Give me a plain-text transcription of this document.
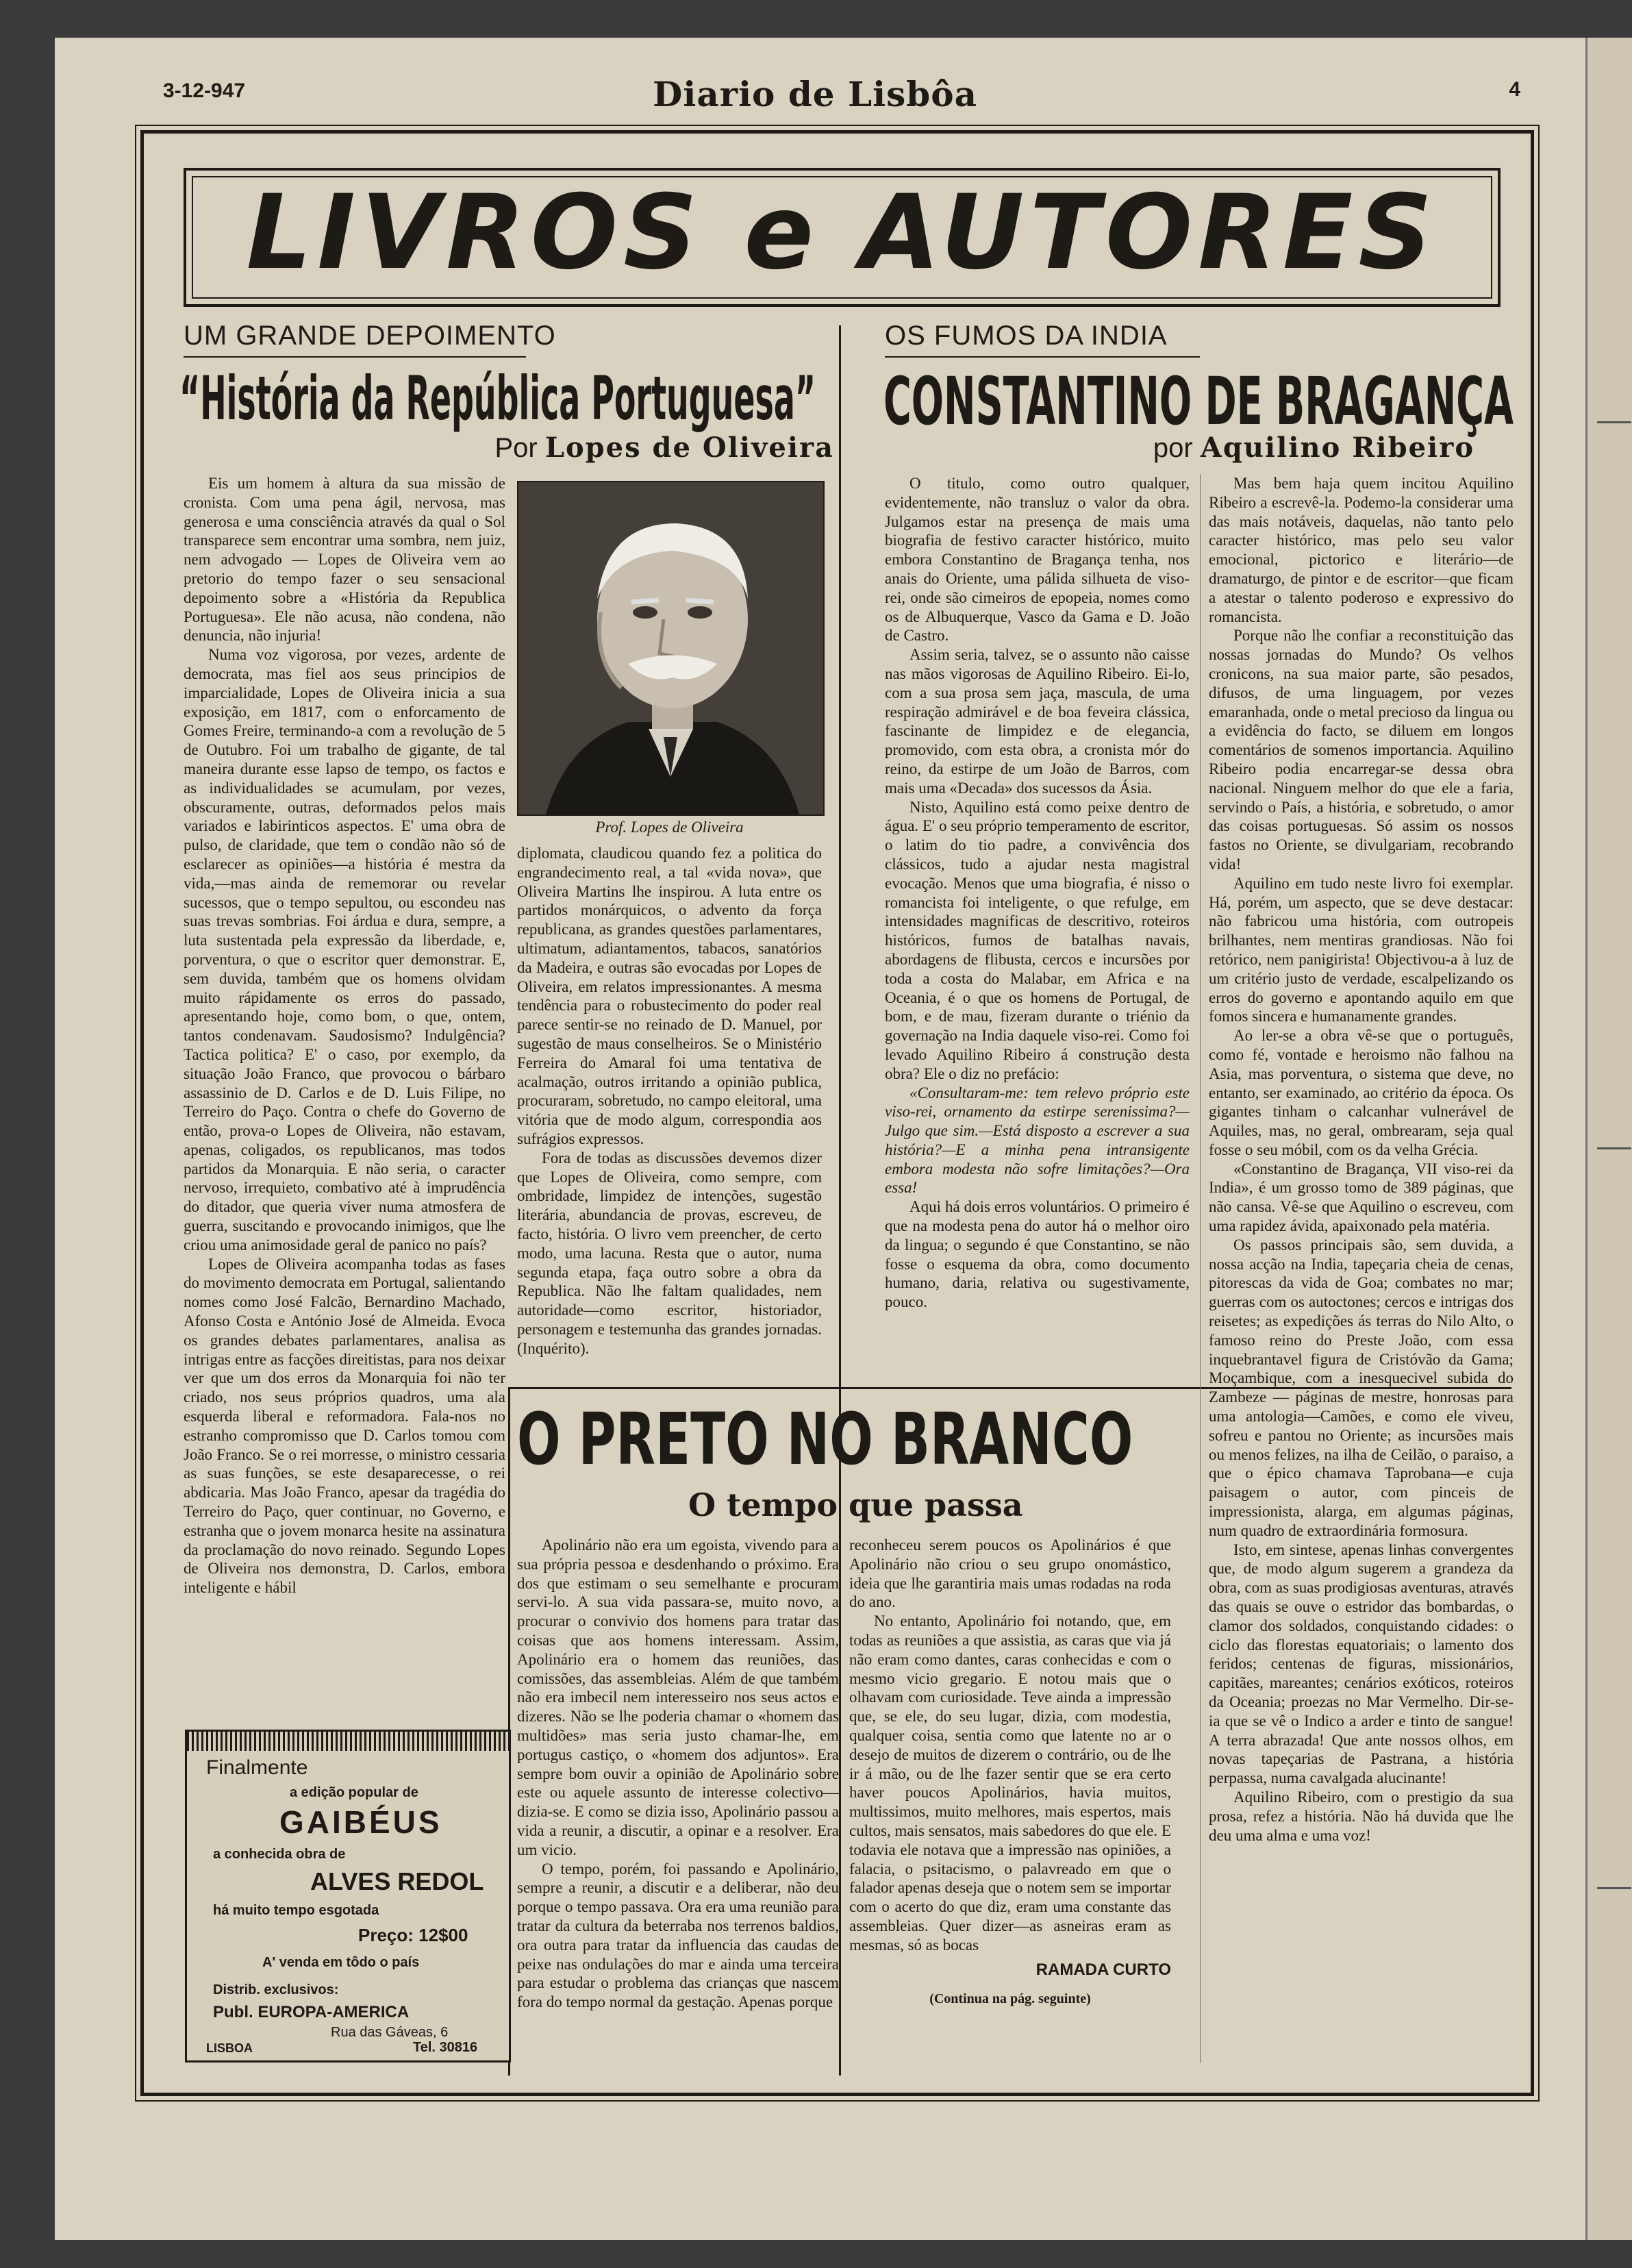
3-12-947	Diario de Lisbôa	4
LIVROS e AUTORES
UM GRANDE DEPOIMENTO
“História da República Portuguesa”
Por Lopes de Oliveira

Eis um homem à altura da sua missão de cronista. Com uma pena ágil, nervosa, mas generosa e uma consciência através da qual o Sol transparece sem encontrar uma sombra, nem juiz, nem advogado — Lopes de Oliveira vem ao pretorio do tempo fazer o seu sensacional depoimento sobre a «História da Republica Portuguesa». Ele não acusa, não condena, não denuncia, não injuria!

Numa voz vigorosa, por vezes, ardente de democrata, mas fiel aos seus principios de imparcialidade, Lopes de Oliveira inicia a sua exposição, em 1817, com o enforcamento de Gomes Freire, terminando-a com a revolução de 5 de Outubro. Foi um trabalho de gigante, de tal maneira durante esse lapso de tempo, os factos e as individualidades se acumulam, por vezes, obscuramente, outras, deformados pelos mais variados e labirinticos aspectos. E' uma obra de pulso, de claridade, que tem o condão não só de esclarecer as opiniões—a história é mestra da vida,—mas ainda de rememorar ou revelar sucessos, que o tempo sepultou, ou escondeu nas suas trevas sombrias. Foi árdua e dura, sempre, a luta sustentada pela expressão da liberdade, e, porventura, o que o escritor quer demonstrar. E, sem duvida, também que os homens olvidam muito rápidamente os erros do passado, apresentando hoje, como bom, o que, ontem, tantos condenavam. Saudosismo? Indulgência? Tactica politica? E' o caso, por exemplo, da situação João Franco, que provocou o bárbaro assassinio de D. Carlos e de D. Luis Filipe, no Terreiro do Paço. Contra o chefe do Governo de então, prova-o Lopes de Oliveira, não estavam, apenas, coligados, os republicanos, mas todos partidos da Monarquia. E não seria, o caracter nervoso, irrequieto, combativo até à imprudência do ditador, que queria viver numa atmosfera de guerra, suscitando e provocando inimigos, que lhe criou uma animosidade geral de panico no país?

Lopes de Oliveira acompanha todas as fases do movimento democrata em Portugal, salientando nomes como José Falcão, Bernardino Machado, Afonso Costa e António José de Almeida. Evoca os grandes debates parlamentares, analisa as intrigas entre as facções direitistas, para nos deixar ver que um dos erros da Monarquia foi não ter criado, nos seus próprios quadros, uma ala esquerda liberal e reformadora. Fala-nos no estranho compromisso que D. Carlos tomou com João Franco. Se o rei morresse, o ministro cessaria as suas funções, se este desaparecesse, o rei abdicaria. Mas João Franco, apesar da tragédia do Terreiro do Paço, quer continuar, no Governo, e estranha que o jovem monarca hesite na assinatura da proclamação do novo reinado. Segundo Lopes de Oliveira nos demonstra, D. Carlos, embora inteligente e hábil

Prof. Lopes de Oliveira

diplomata, claudicou quando fez a politica do engrandecimento real, a tal «vida nova», que Oliveira Martins lhe inspirou. A luta entre os partidos monárquicos, o advento da força republicana, as grandes questões parlamentares, ultimatum, adiantamentos, tabacos, sanatórios da Madeira, e outras são evocadas por Lopes de Oliveira, em relatos impressionantes. A mesma tendência para o robustecimento do poder real parece sentir-se no reinado de D. Manuel, por sugestão de maus conselheiros. Se o Ministério Ferreira do Amaral foi uma tentativa de acalmação, outros irritando a opinião publica, procuraram, sobretudo, no campo eleitoral, uma vitória que de modo algum, correspondia aos sufrágios expressos.

Fora de todas as discussões devemos dizer que Lopes de Oliveira, como sempre, com ombridade, limpidez de intenções, sugestão literária, abundancia de provas, escreveu, de facto, história. O livro vem preencher, de certo modo, uma lacuna. Resta que o autor, numa segunda etapa, faça outro sobre a obra da Republica. Não lhe faltam qualidades, nem autoridade—como escritor, historiador, personagem e testemunha das grandes jornadas. (Inquérito).

Finalmente
a edição popular de
GAIBÉUS
a conhecida obra de
ALVES REDOL
há muito tempo esgotada
Preço: 12$00
A' venda em tôdo o país
Distrib. exclusivos:
Publ. EUROPA-AMERICA
Rua das Gáveas, 6
LISBOA	Tel. 30816
OS FUMOS DA INDIA
CONSTANTINO DE BRAGANÇA
por Aquilino Ribeiro

O titulo, como outro qualquer, evidentemente, não transluz o valor da obra. Julgamos estar na presença de mais uma biografia de festivo caracter histórico, muito embora Constantino de Bragança tenha, nos anais do Oriente, uma pálida silhueta de viso-rei, onde são cimeiros de epopeia, nomes como os de Albuquerque, Vasco da Gama e D. João de Castro.

Assim seria, talvez, se o assunto não caisse nas mãos vigorosas de Aquilino Ribeiro. Ei-lo, com a sua prosa sem jaça, mascula, de uma respiração admirável e de boa feveira clássica, fascinante de limpidez e de elegancia, promovido, com esta obra, a cronista mór do reino, da estirpe de um João de Barros, com mais uma «Decada» dos sucessos da Ásia.

Nisto, Aquilino está como peixe dentro de água. E' o seu próprio temperamento de escritor, o latim do tio padre, a convivência dos clássicos, tudo a ajudar nesta magistral evocação. Menos que uma biografia, é nisso o romancista foi inteligente, o que refulge, em intensidades magnificas de descritivo, roteiros históricos, fumos de batalhas navais, abordagens de flibusta, cercos e incursões por toda a costa do Malabar, em Africa e na Oceania, é o que os homens de Portugal, de bom, e de mau, fizeram durante o triénio da governação na India daquele viso-rei. Como foi levado Aquilino Ribeiro á construção desta obra? Ele o diz no prefácio:

«Consultaram-me: tem relevo próprio este viso-rei, ornamento da estirpe serenissima?—Julgo que sim.—Está disposto a escrever a sua história?—E a minha pena intransigente embora modesta não sofre limitações?—Ora essa!

Aqui há dois erros voluntários. O primeiro é que na modesta pena do autor há o melhor oiro da lingua; o segundo é que Constantino, se não fosse o esquema da obra, como documento humano, daria, relativa ou sugestivamente, pouco.

Mas bem haja quem incitou Aquilino Ribeiro a escrevê-la. Podemo-la considerar uma das mais notáveis, daquelas, não tanto pelo caracter histórico, mas pelo seu valor emocional, pictorico e literário—de dramaturgo, de pintor e de escritor—que ficam a atestar o talento poderoso e expressivo do romancista.

Porque não lhe confiar a reconstituição das nossas jornadas do Mundo? Os velhos cronicons, na sua maior parte, são pesados, difusos, de uma linguagem, por vezes emaranhada, onde o metal precioso da lingua ou a evidência do facto, se diluem em longos comentários de somenos importancia. Aquilino Ribeiro podia encarregar-se dessa obra nacional. Ninguem melhor do que ele a faria, servindo o País, a história, e sobretudo, o amor das coisas portuguesas. Só assim os nossos fastos no Oriente, se divulgariam, recobrando vida!

Aquilino em tudo neste livro foi exemplar. Há, porém, um aspecto, que se deve destacar: não fabricou uma história, com outropeis brilhantes, nem mentiras grandiosas. Não foi retórico, nem panigirista! Objectivou-a à luz de um critério justo de verdade, escalpelizando os erros do governo e apontando aquilo em que fomos sincera e humanamente grandes.

Ao ler-se a obra vê-se que o português, como fé, vontade e heroismo não falhou na Asia, mas porventura, o sistema que deve, no entanto, ser examinado, ao critério da época. Os gigantes tinham o calcanhar vulnerável de Aquiles, mas, no geral, ombrearam, seja qual fosse o seu móbil, com os da velha Grécia.

«Constantino de Bragança, VII viso-rei da India», é um grosso tomo de 389 páginas, que não cansa. Vê-se que Aquilino o escreveu, com uma rapidez ávida, apaixonado pela matéria.

Os passos principais são, sem duvida, a nossa acção na India, tapeçaria cheia de cenas, pitorescas da vida de Goa; combates no mar; guerras com os autoctones; cercos e intrigas dos reisetes; as expedições ás terras do Nilo Alto, o famoso reino do Preste João, com essa inquebrantavel figura de Cristóvão da Gama; Moçambique, com a inesquecivel subida do Zambeze — páginas de mestre, honrosas para uma antologia—Camões, e como ele viveu, sofreu e pantou no Oriente; as incursões mais ou menos felizes, na ilha de Ceilão, o paraiso, a que o épico chamava Taprobana—e cuja paisagem o autor, com pinceis de impressionista, alarga, em algumas páginas, num quadro de extraordinária formosura.

Isto, em sintese, apenas linhas convergentes que, de modo algum sugerem a grandeza da obra, com as suas prodigiosas aventuras, através das quais se ouve o estridor das bombardas, o clamor dos soldados, conquistando cidades: o ciclo das florestas equatoriais; o lamento dos feridos; centenas de figuras, missionários, capitães, mareantes; cenários exóticos, roteiros da Oceania; proezas no Mar Vermelho. Dir-se-ia que se vê o Indico a arder e tinto de sangue! A terra abrazada! Que ante nossos olhos, em novas tapeçarias de Pastrana, a história perpassa, numa cavalgada alucinante!

Aquilino Ribeiro, com o prestigio da sua prosa, refez a história. Não há duvida que lhe deu uma alma e uma voz!

O PRETO NO BRANCO
O tempo que passa

Apolinário não era um egoista, vivendo para a sua própria pessoa e desdenhando o próximo. Era dos que estimam o seu semelhante e procuram servi-lo. A sua vida passara-se, muito novo, a procurar o convivio dos homens para tratar das coisas que aos homens interessam. Assim, Apolinário era o homem das reuniões, das comissões, das assembleias. Além de que também não era imbecil nem interesseiro nos seus actos e dizeres. Não se lhe poderia chamar o «homem das multidões» mas seria justo chamar-lhe, em portugus castiço, o «homem dos adjuntos». Era sempre bom ouvir a opinião de Apolinário sobre este ou aquele assunto de interesse colectivo—dizia-se. E como se dizia isso, Apolinário passou a vida a reunir, a discutir, a opinar e a resolver. Era um vicio.

O tempo, porém, foi passando e Apolinário, sempre a reunir, a discutir e a deliberar, não deu porque o tempo passava. Ora era uma reunião para tratar da cultura da beterraba nos terrenos baldios, ora outra para tratar da influencia das caudas de peixe nas ondulações do mar e ainda uma terceira para estudar o problema das crianças que nascem fora do tempo normal da gestação. Apenas porque

reconheceu serem poucos os Apolinários é que Apolinário não criou o seu grupo onomástico, ideia que lhe garantiria mais umas rodadas na roda do ano.

No entanto, Apolinário foi notando, que, em todas as reuniões a que assistia, as caras que via já não eram como dantes, caras conhecidas e com o mesmo vicio gregario. E notou mais que o olhavam com curiosidade. Teve ainda a impressão que, se ele, do seu lugar, dizia, com modestia, qualquer coisa, sentia como que latente no ar o desejo de muitos de dizerem o contrário, ou de lhe ir á mão, ou de lhe fazer sentir que se era certo haver poucos Apolinários, havia muitos, multissimos, muito melhores, mais espertos, mais cultos, mais sensatos, mais sabedores do que ele. E todavia ele notava que a impressão nas opiniões, a falacia, o psitacismo, o palavreado em que o falador apenas deseja que o notem sem se importar com o acerto do que diz, eram uma constante das assembleias. Quer dizer—as asneiras eram as mesmas, só as bocas

RAMADA CURTO

(Continua na pág. seguinte)
